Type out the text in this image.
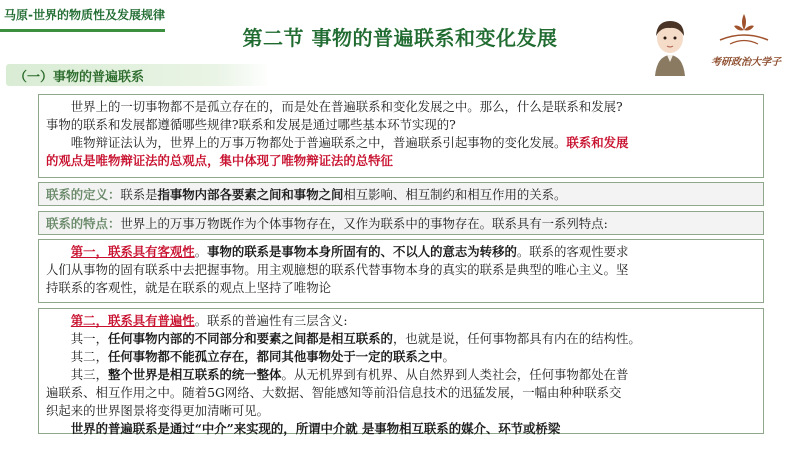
马原-世界的物质性及发展规律
第二节 事物的普遍联系和变化发展
考研政治大学子
（一）事物的普遍联系
世界上的一切事物都不是孤立存在的，而是处在普遍联系和变化发展之中。那么，什么是联系和发展?
事物的联系和发展都遵循哪些规律?联系和发展是通过哪些基本环节实现的?
唯物辩证法认为，世界上的万事万物都处于普遍联系之中，普遍联系引起事物的变化发展。联系和发展
的观点是唯物辩证法的总观点，集中体现了唯物辩证法的总特征
联系的定义：联系是指事物内部各要素之间和事物之间相互影响、相互制约和相互作用的关系。
联系的特点：世界上的万事万物既作为个体事物存在，又作为联系中的事物存在。联系具有一系列特点:
第一，联系具有客观性。事物的联系是事物本身所固有的、不以人的意志为转移的。联系的客观性要求
人们从事物的固有联系中去把握事物。用主观臆想的联系代替事物本身的真实的联系是典型的唯心主义。坚
持联系的客观性，就是在联系的观点上坚持了唯物论
第二，联系具有普遍性。联系的普遍性有三层含义:
其一，任何事物内部的不同部分和要素之间都是相互联系的，也就是说，任何事物都具有内在的结构性。
其二，任何事物都不能孤立存在，都同其他事物处于一定的联系之中。
其三，整个世界是相互联系的统一整体。从无机界到有机界、从自然界到人类社会，任何事物都处在普
遍联系、相互作用之中。随着5G网络、大数据、智能感知等前沿信息技术的迅猛发展，一幅由种种联系交
织起来的世界图景将变得更加清晰可见。
世界的普遍联系是通过“中介”来实现的，所谓中介就 是事物相互联系的媒介、环节或桥梁
